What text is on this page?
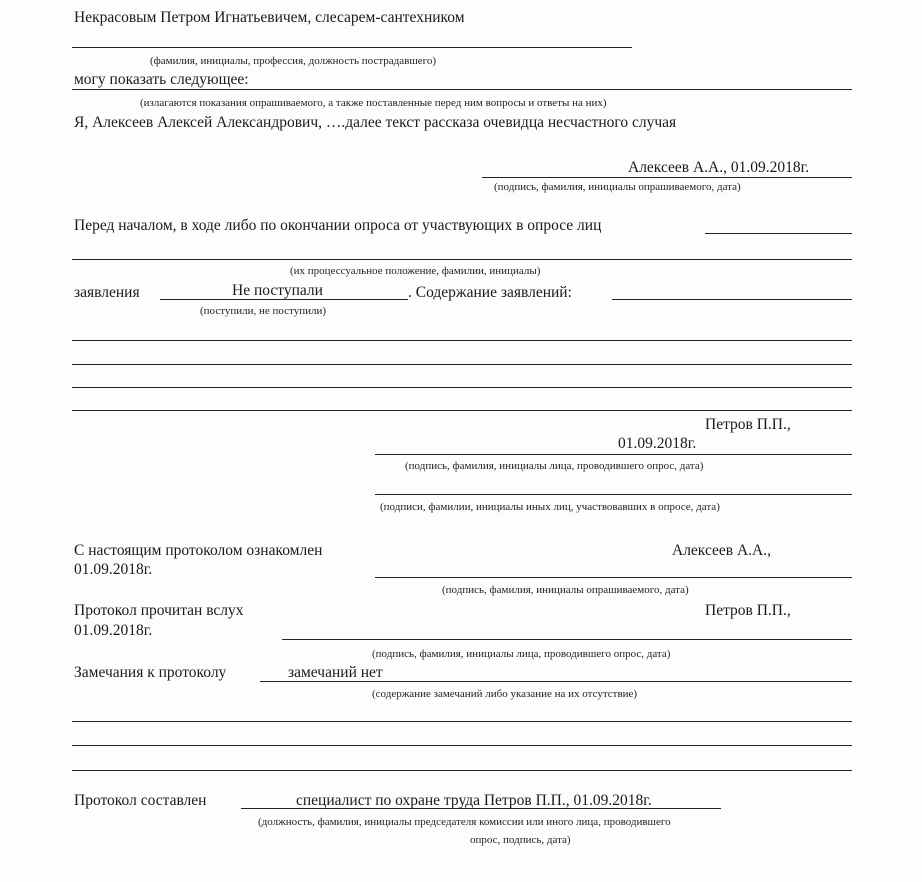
Некрасовым Петром Игнатьевичем, слесарем-сантехником
(фамилия, инициалы, профессия, должность пострадавшего)
могу показать следующее:
(излагаются показания опрашиваемого, а также поставленные перед ним вопросы и ответы на них)
Я, Алексеев Алексей Александрович, ….далее текст рассказа очевидца несчастного случая
Алексеев А.А., 01.09.2018г.
(подпись, фамилия, инициалы опрашиваемого, дата)
Перед началом, в ходе либо по окончании опроса от участвующих в опросе лиц
(их процессуальное положение, фамилии, инициалы)
заявления	Не поступали	. Содержание заявлений:
(поступили, не поступили)
Петров П.П.,
01.09.2018г.
(подпись, фамилия, инициалы лица, проводившего опрос, дата)
(подписи, фамилии, инициалы иных лиц, участвовавших в опросе, дата)
С настоящим протоколом ознакомлен	Алексеев А.А.,
01.09.2018г.
(подпись, фамилия, инициалы опрашиваемого, дата)
Протокол прочитан вслух	Петров П.П.,
01.09.2018г.
(подпись, фамилия, инициалы лица, проводившего опрос, дата)
Замечания к протоколу	замечаний нет
(содержание замечаний либо указание на их отсутствие)
Протокол составлен	специалист по охране труда Петров П.П., 01.09.2018г.
(должность, фамилия, инициалы председателя комиссии или иного лица, проводившего
опрос, подпись, дата)
